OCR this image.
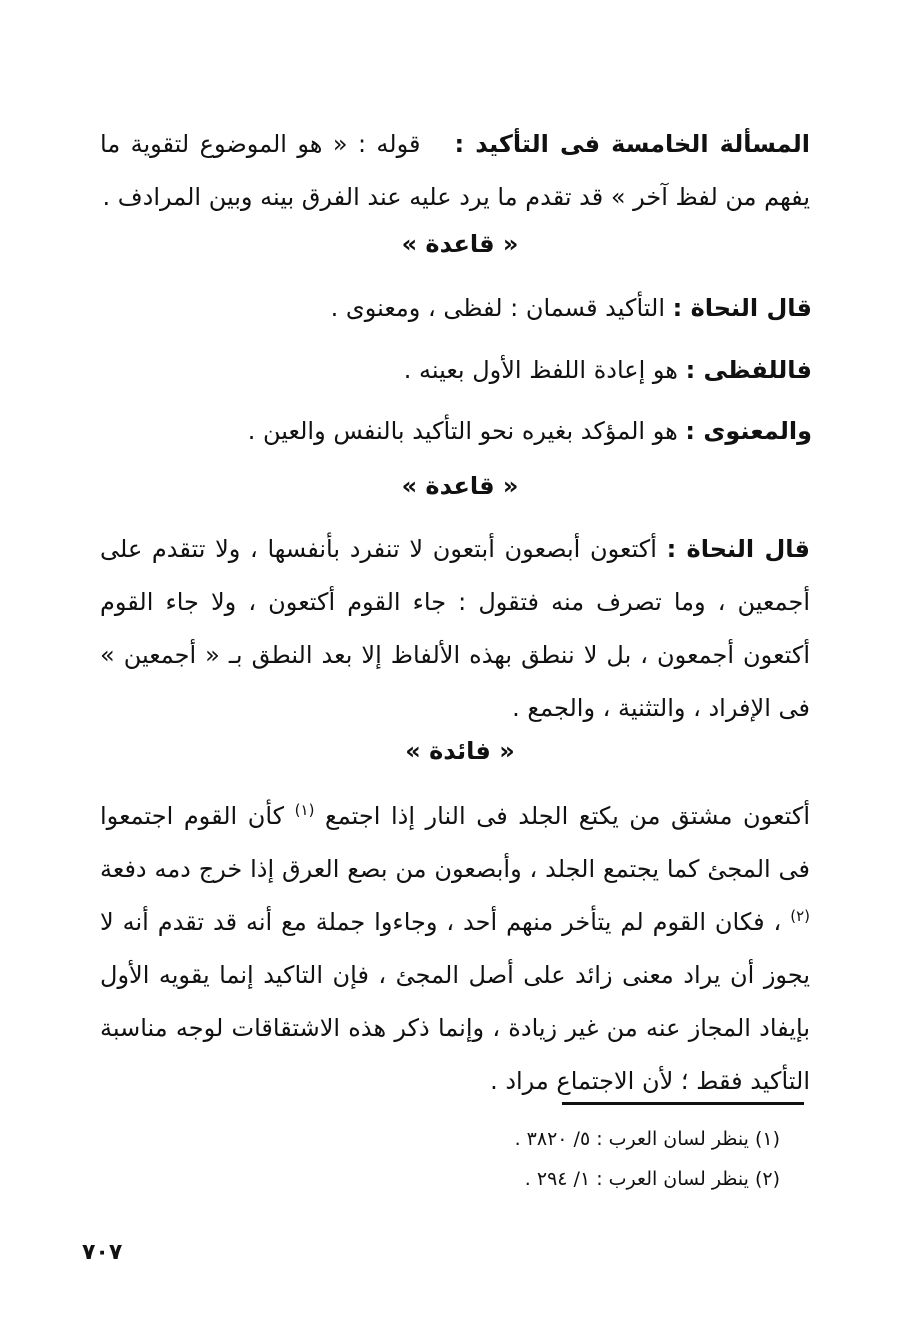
المسألة الخامسة فى التأكيد :قوله : « هو الموضوع لتقوية ما يفهم من لفظ آخر » قد تقدم ما يرد عليه عند الفرق بينه وبين المرادف .
« قاعدة »
قال النحاة : التأكيد قسمان : لفظى ، ومعنوى .
فاللفظى : هو إعادة اللفظ الأول بعينه .
والمعنوى : هو المؤكد بغيره نحو التأكيد بالنفس والعين .
« قاعدة »
قال النحاة : أكتعون أبصعون أبتعون لا تنفرد بأنفسها ، ولا تتقدم على أجمعين ، وما تصرف منه فتقول : جاء القوم أكتعون ، ولا جاء القوم أكتعون أجمعون ، بل لا ننطق بهذه الألفاظ إلا بعد النطق بـ « أجمعين » فى الإفراد ، والتثنية ، والجمع .
« فائدة »
أكتعون مشتق من يكتع الجلد فى النار إذا اجتمع $^{(١)}$ كأن القوم اجتمعوا فى المجئ كما يجتمع الجلد ، وأبصعون من بصع العرق إذا خرج دمه دفعة $^{(٢)}$ ، فكان القوم لم يتأخر منهم أحد ، وجاءوا جملة مع أنه قد تقدم أنه لا يجوز أن يراد معنى زائد على أصل المجئ ، فإن التاكيد إنما يقويه الأول بإيفاد المجاز عنه من غير زيادة ، وإنما ذكر هذه الاشتقاقات لوجه مناسبة التأكيد فقط ؛ لأن الاجتماع مراد .
(١) ينظر لسان العرب : ٥/ ٣٨٢٠ .
(٢) ينظر لسان العرب : ١/ ٢٩٤ .
٧٠٧
